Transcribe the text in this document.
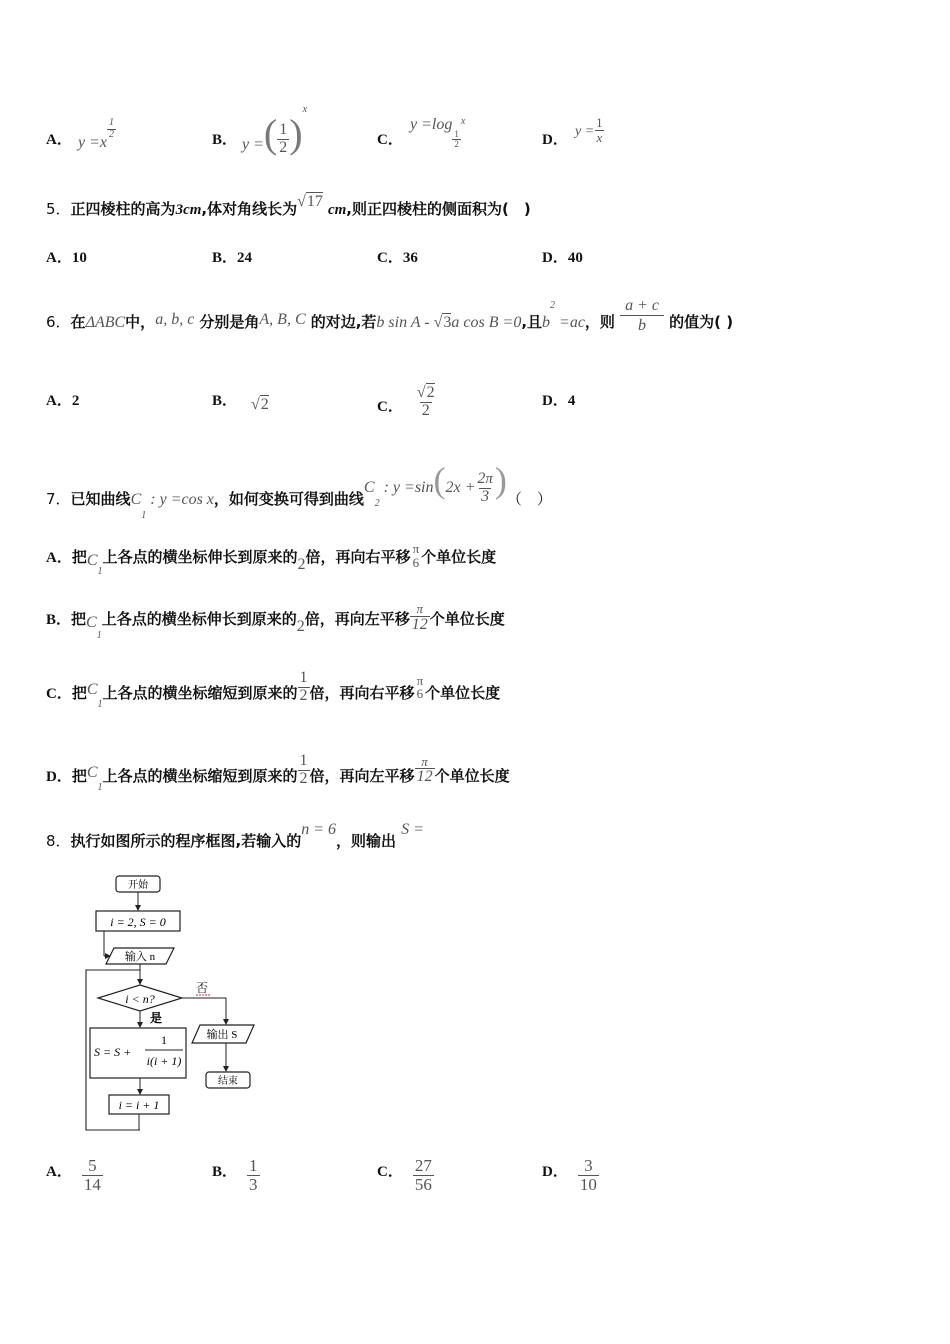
A． y =x
$\frac{1}{2}$	B． y =( $\frac{1}{2} )^x$
C．
y =log
$\frac{1}{2}$
$^x$
D．
$y = \frac{1}{x}$
5．正四棱柱的高为3cm,体对角线长为√17 cm,则正四棱柱的侧面积为(　)
A．10	B．24	C．36	D．40
6．在ΔABC中，a, b, c 分别是角A, B, C 的对边,若b sin A - √3a cos B =0,且$b^2 =ac$，则 $\frac{a + c}{b}$ 的值为( )
A．2	B． √2	C． $\frac{√2}{2}$	D．4
7．已知曲线C1 : y =cos x，如何变换可得到曲线C2 : $y =\sin(2x + \frac{2\pi}{3}$ )（　）
A．把C1上各点的横坐标伸长到原来的2倍，再向右平移 π
6 个单位长度
B．把C1上各点的横坐标伸长到原来的2倍，再向左平移 $\frac{\pi}{12}$ 个单位长度
C．把C1上各点的横坐标缩短到原来的 $\frac{1}{2}$ 倍，再向右平移
π
6 个单位长度
D．把C1上各点的横坐标缩短到原来的 $\frac{1}{2}$ 倍，再向左平移 $\frac{\pi}{12}$ 个单位长度
8．执行如图所示的程序框图,若输入的n = 6，则输出 S =
开始
i = 2, S = 0
输入 n
i < n?
否
是
S = S +
1
i(i + 1)
i = i + 1
输出 S
结束
A． $\frac{5}{14}$	B． $\frac{1}{3}$	C． $\frac{27}{56}$	D． $\frac{3}{10}$
